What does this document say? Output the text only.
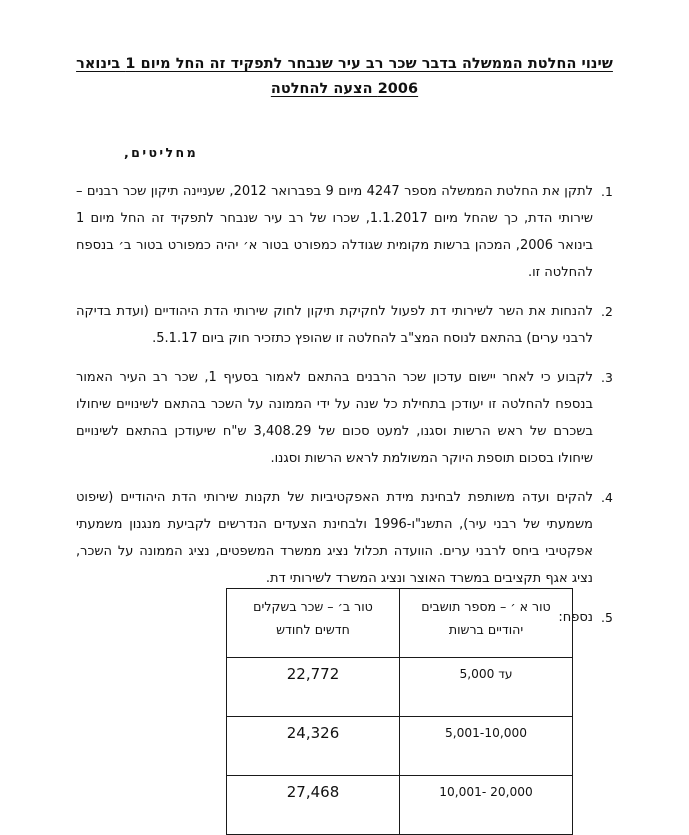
שינוי החלטת הממשלה בדבר שכר רב עיר שנבחר לתפקיד זה החל מיום 1 בינואר
2006 הצעה להחלטה
מחליטים,
.1
לתקן את החלטת הממשלה מספר 4247 מיום 9 בפברואר 2012, שעניינה תיקון שכר רבנים – שירותי הדת, כך שהחל מיום 1.1.2017, שכרו של רב עיר שנבחר לתפקיד זה החל מיום 1 בינואר 2006, המכהן ברשות מקומית שגודלה כמפורט בטור א׳ יהיה כמפורט בטור ב׳ בנספח להחלטה זו.
.2
להנחות את השר לשירותי דת לפעול לחקיקת תיקון לחוק שירותי הדת היהודיים (ועדת בדיקה לרבני ערים) בהתאם לנוסח המצ"ב להחלטה זו שהופץ כתזכיר חוק ביום 5.1.17.
.3
לקבוע כי לאחר יישום עדכון שכר הרבנים בהתאם לאמור בסעיף 1, שכר רב העיר האמור בנספח להחלטה זו יעודכן בתחילת כל שנה על ידי הממונה על השכר בהתאם לשינויים שיחולו בשכרם של ראש הרשות וסגנו, למעט סכום של 3,408.29 ש"ח שיעודכן בהתאם לשינויים שיחולו בסכום תוספת היוקר המשולמת לראש הרשות וסגנו.
.4
להקים ועדה משותפת לבחינת מידת האפקטיביות של תקנות שירותי הדת היהודיים (שיפוט משמעתי של רבני עיר), התשנ"ו-1996 ולבחינת הצעדים הנדרשים לקביעת מנגנון משמעתי אפקטיבי ביחס לרבני ערים. הוועדה תכלול נציג ממשרד המשפטים, נציג הממונה על השכר, נציג אגף תקציבים במשרד האוצר ונציג המשרד לשירותי דת.
.5
נספח:
טור א ׳ – מספר תושבים יהודיים ברשות	טור ב׳ – שכר בשקלים חדשים לחודש
עד 5,000	22,772
5,001-10,000	24,326
20,000 -10,001	27,468
